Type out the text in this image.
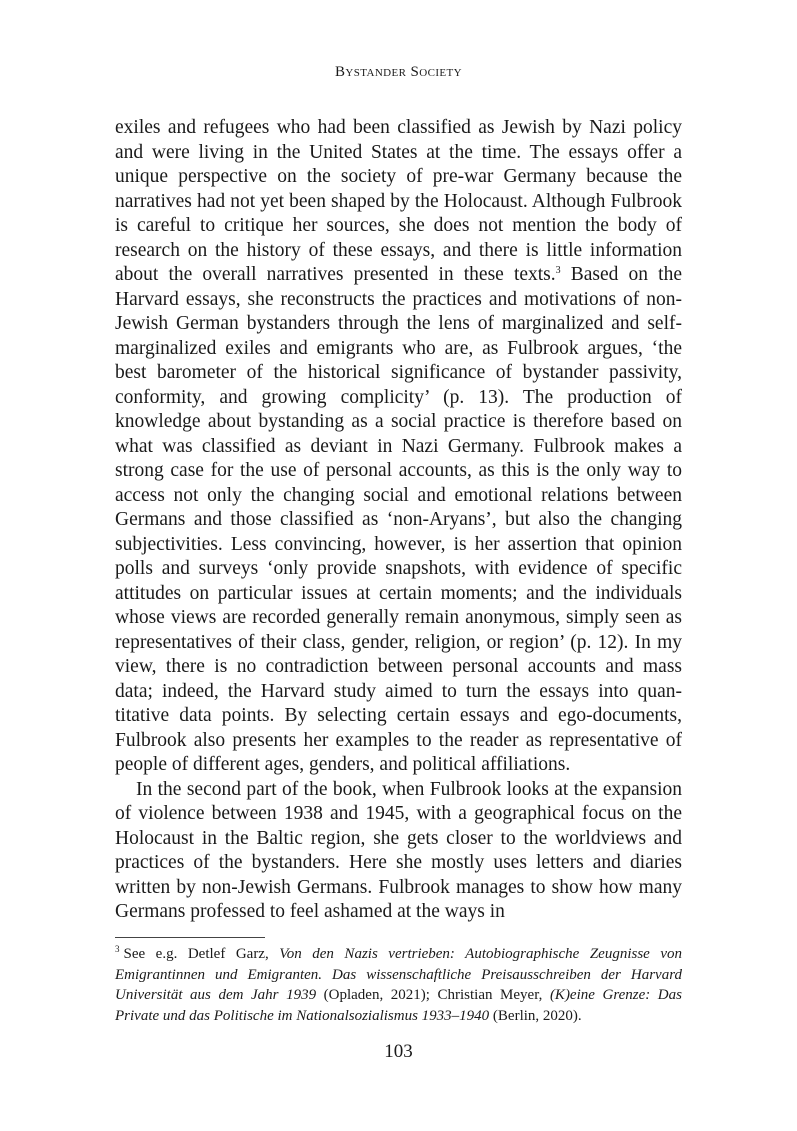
Bystander Society

exiles and refugees who had been classified as Jewish by Nazi policy and were living in the United States at the time. The essays offer a unique perspective on the society of pre-war Germany because the narratives had not yet been shaped by the Holocaust. Although Fulbrook is careful to critique her sources, she does not mention the body of research on the history of these essays, and there is little information about the overall narratives presented in these texts.$^3$ Based on the Harvard essays, she reconstructs the practices and motivations of non-Jewish German bystanders through the lens of marginalized and self-marginalized exiles and emigrants who are, as Fulbrook argues, ‘the best barometer of the historical significance of bystander passivity, conformity, and growing complicity’ (p. 13). The production of knowledge about bystanding as a social practice is therefore based on what was classified as deviant in Nazi Germany. Fulbrook makes a strong case for the use of personal accounts, as this is the only way to access not only the changing social and emotional relations between Germans and those classified as ‘non-Aryans’, but also the changing subjectivities. Less convincing, however, is her assertion that opinion polls and surveys ‘only provide snapshots, with evidence of specific attitudes on particular issues at certain moments; and the individuals whose views are recorded generally remain anonymous, simply seen as representatives of their class, gender, religion, or region’ (p. 12). In my view, there is no contradiction between personal accounts and mass data; indeed, the Harvard study aimed to turn the essays into quantitative data points. By selecting certain essays and ego-documents, Fulbrook also presents her examples to the reader as representative of people of different ages, genders, and political affiliations.

In the second part of the book, when Fulbrook looks at the expansion of violence between 1938 and 1945, with a geographical focus on the Holocaust in the Baltic region, she gets closer to the worldviews and practices of the bystanders. Here she mostly uses letters and diaries written by non-Jewish Germans. Fulbrook manages to show how many Germans professed to feel ashamed at the ways in

$^3$ See e.g. Detlef Garz, Von den Nazis vertrieben: Autobiographische Zeugnisse von Emigrantinnen und Emigranten. Das wissenschaftliche Preisausschreiben der Harvard Universität aus dem Jahr 1939 (Opladen, 2021); Christian Meyer, (K)eine Grenze: Das Private und das Politische im Nationalsozialismus 1933–1940 (Berlin, 2020).
103
